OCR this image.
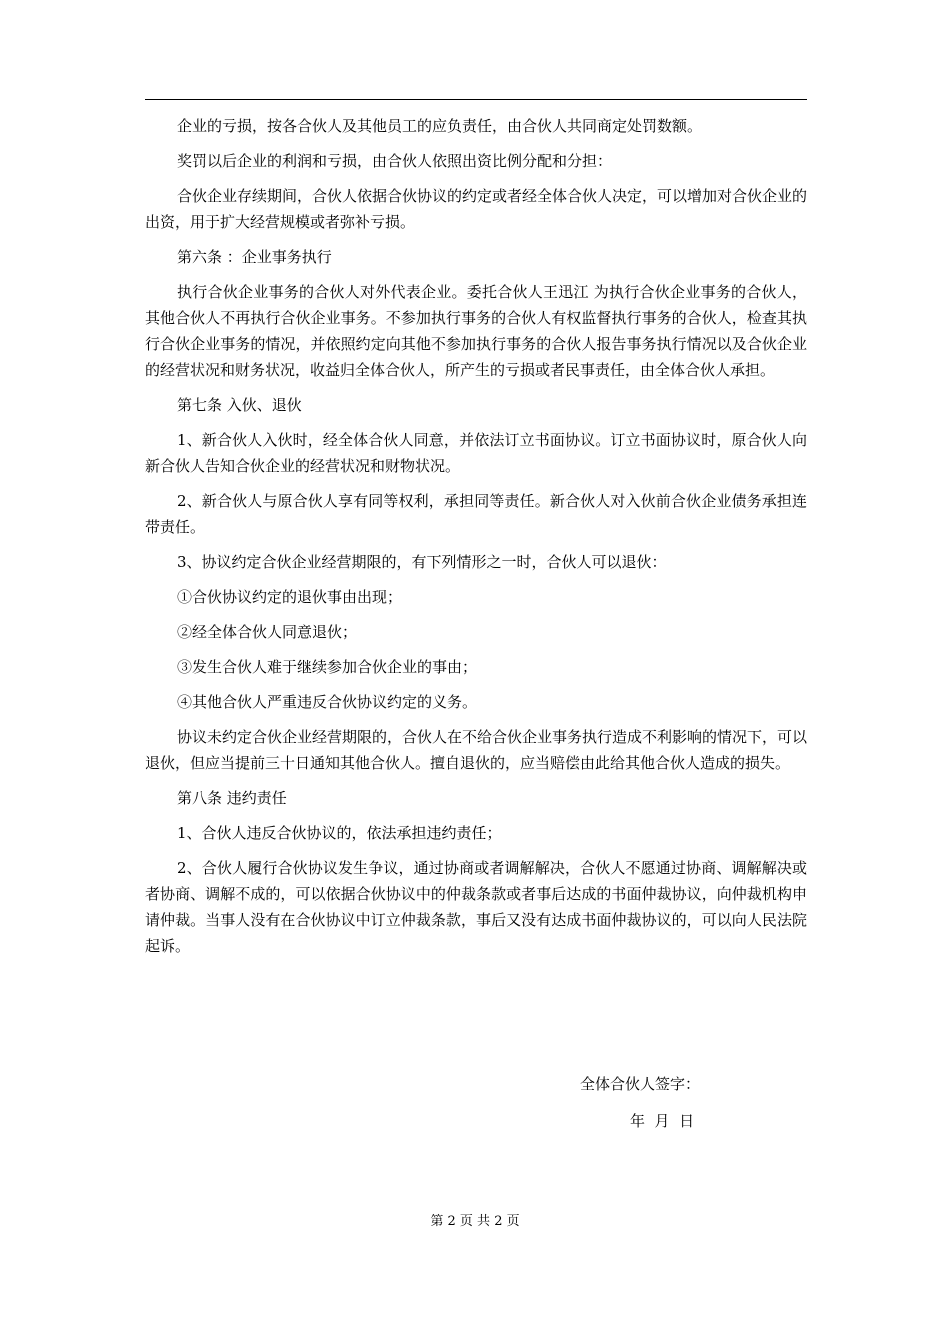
企业的亏损，按各合伙人及其他员工的应负责任，由合伙人共同商定处罚数额。

奖罚以后企业的利润和亏损，由合伙人依照出资比例分配和分担：

合伙企业存续期间，合伙人依据合伙协议的约定或者经全体合伙人决定，可以增加对合伙企业的出资，用于扩大经营规模或者弥补亏损。

第六条 ：企业事务执行

执行合伙企业事务的合伙人对外代表企业。委托合伙人王迅江 为执行合伙企业事务的合伙人，其他合伙人不再执行合伙企业事务。不参加执行事务的合伙人有权监督执行事务的合伙人，检查其执行合伙企业事务的情况，并依照约定向其他不参加执行事务的合伙人报告事务执行情况以及合伙企业的经营状况和财务状况，收益归全体合伙人，所产生的亏损或者民事责任，由全体合伙人承担。

第七条 入伙、退伙

1、新合伙人入伙时，经全体合伙人同意，并依法订立书面协议。订立书面协议时，原合伙人向新合伙人告知合伙企业的经营状况和财物状况。

2、新合伙人与原合伙人享有同等权利，承担同等责任。新合伙人对入伙前合伙企业债务承担连带责任。

3、协议约定合伙企业经营期限的，有下列情形之一时，合伙人可以退伙：

①合伙协议约定的退伙事由出现；

②经全体合伙人同意退伙；

③发生合伙人难于继续参加合伙企业的事由；

④其他合伙人严重违反合伙协议约定的义务。

协议未约定合伙企业经营期限的，合伙人在不给合伙企业事务执行造成不利影响的情况下，可以退伙，但应当提前三十日通知其他合伙人。擅自退伙的，应当赔偿由此给其他合伙人造成的损失。

第八条 违约责任

1、合伙人违反合伙协议的，依法承担违约责任；

2、合伙人履行合伙协议发生争议，通过协商或者调解解决，合伙人不愿通过协商、调解解决或者协商、调解不成的，可以依据合伙协议中的仲裁条款或者事后达成的书面仲裁协议，向仲裁机构申请仲裁。当事人没有在合伙协议中订立仲裁条款，事后又没有达成书面仲裁协议的，可以向人民法院起诉。

全体合伙人签字：
年  月  日
第 2 页 共 2 页
